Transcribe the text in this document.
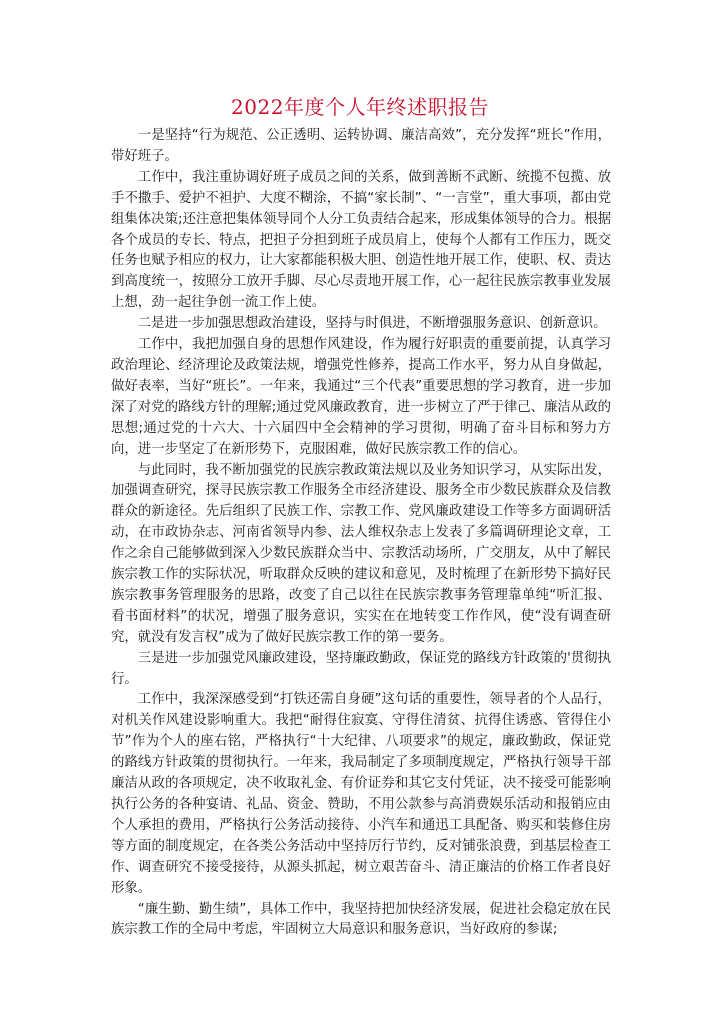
2022年度个人年终述职报告

一是坚持“行为规范、公正透明、运转协调、廉洁高效”，充分发挥“班长”作用，带好班子。

工作中，我注重协调好班子成员之间的关系，做到善断不武断、统揽不包揽、放手不撒手、爱护不袒护、大度不糊涂，不搞“家长制”、“一言堂”，重大事项，都由党组集体决策;还注意把集体领导同个人分工负责结合起来，形成集体领导的合力。根据各个成员的专长、特点，把担子分担到班子成员肩上，使每个人都有工作压力，既交任务也赋予相应的权力，让大家都能积极大胆、创造性地开展工作，使职、权、责达到高度统一，按照分工放开手脚、尽心尽责地开展工作，心一起往民族宗教事业发展上想，劲一起往争创一流工作上使。

二是进一步加强思想政治建设，坚持与时俱进，不断增强服务意识、创新意识。

工作中，我把加强自身的思想作风建设，作为履行好职责的重要前提，认真学习政治理论、经济理论及政策法规，增强党性修养，提高工作水平，努力从自身做起，做好表率，当好“班长”。一年来，我通过“三个代表”重要思想的学习教育，进一步加深了对党的路线方针的理解;通过党风廉政教育，进一步树立了严于律己、廉洁从政的思想;通过党的十六大、十六届四中全会精神的学习贯彻，明确了奋斗目标和努力方向，进一步坚定了在新形势下，克服困难，做好民族宗教工作的信心。

与此同时，我不断加强党的民族宗教政策法规以及业务知识学习，从实际出发，加强调查研究，探寻民族宗教工作服务全市经济建设、服务全市少数民族群众及信教群众的新途径。先后组织了民族工作、宗教工作、党风廉政建设工作等多方面调研活动，在市政协杂志、河南省领导内参、法人维权杂志上发表了多篇调研理论文章，工作之余自己能够做到深入少数民族群众当中、宗教活动场所，广交朋友，从中了解民族宗教工作的实际状况，听取群众反映的建议和意见，及时梳理了在新形势下搞好民族宗教事务管理服务的思路，改变了自己以往在民族宗教事务管理靠单纯“听汇报、看书面材料”的状况，增强了服务意识，实实在在地转变工作作风，使“没有调查研究，就没有发言权”成为了做好民族宗教工作的第一要务。

三是进一步加强党风廉政建设，坚持廉政勤政，保证党的路线方针政策的'贯彻执行。

工作中，我深深感受到“打铁还需自身硬”这句话的重要性，领导者的个人品行，对机关作风建设影响重大。我把“耐得住寂寞、守得住清贫、抗得住诱惑、管得住小节”作为个人的座右铭，严格执行“十大纪律、八项要求”的规定，廉政勤政，保证党的路线方针政策的贯彻执行。一年来，我局制定了多项制度规定，严格执行领导干部廉洁从政的各项规定，决不收取礼金、有价证券和其它支付凭证，决不接受可能影响执行公务的各种宴请、礼品、资金、赞助，不用公款参与高消费娱乐活动和报销应由个人承担的费用，严格执行公务活动接待、小汽车和通迅工具配备、购买和装修住房等方面的制度规定，在各类公务活动中坚持厉行节约，反对铺张浪费，到基层检查工作、调查研究不接受接待，从源头抓起，树立艰苦奋斗、清正廉洁的价格工作者良好形象。

“廉生勤、勤生绩”，具体工作中，我坚持把加快经济发展，促进社会稳定放在民族宗教工作的全局中考虑，牢固树立大局意识和服务意识，当好政府的参谋;
